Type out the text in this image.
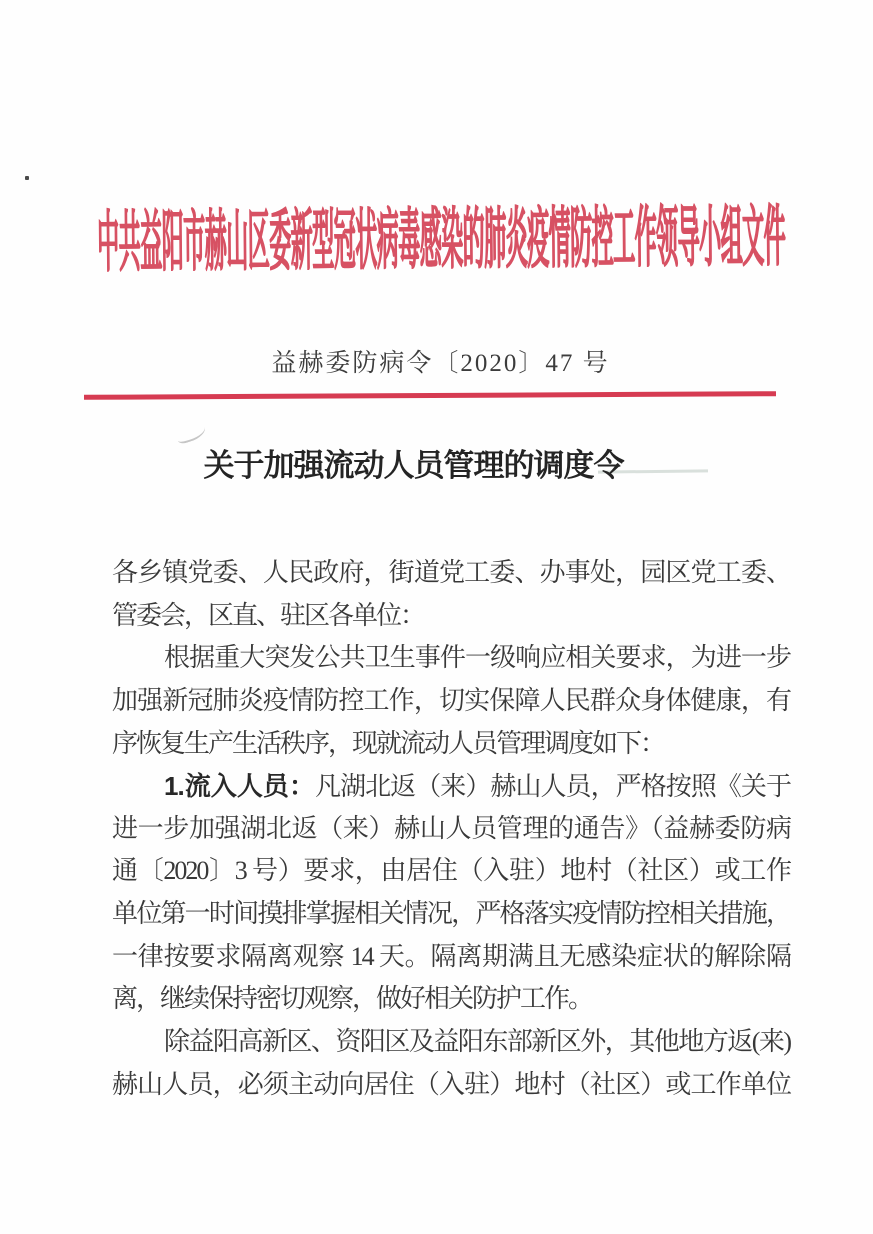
中共益阳市赫山区委新型冠状病毒感染的肺炎疫情防控工作领导小组文件
益赫委防病令〔2020〕47 号
关于加强流动人员管理的调度令
各乡镇党委、人民政府，街道党工委、办事处，园区党工委、
管委会，区直、驻区各单位：
根据重大突发公共卫生事件一级响应相关要求，为进一步
加强新冠肺炎疫情防控工作，切实保障人民群众身体健康，有
序恢复生产生活秩序，现就流动人员管理调度如下：
1.流入人员：凡湖北返（来）赫山人员，严格按照《关于
进一步加强湖北返（来）赫山人员管理的通告》（益赫委防病
通〔2020〕3 号）要求，由居住（入驻）地村（社区）或工作
单位第一时间摸排掌握相关情况，严格落实疫情防控相关措施，
一律按要求隔离观察 14 天。隔离期满且无感染症状的解除隔
离，继续保持密切观察，做好相关防护工作。
除益阳高新区、资阳区及益阳东部新区外，其他地方返(来)
赫山人员，必须主动向居住（入驻）地村（社区）或工作单位
